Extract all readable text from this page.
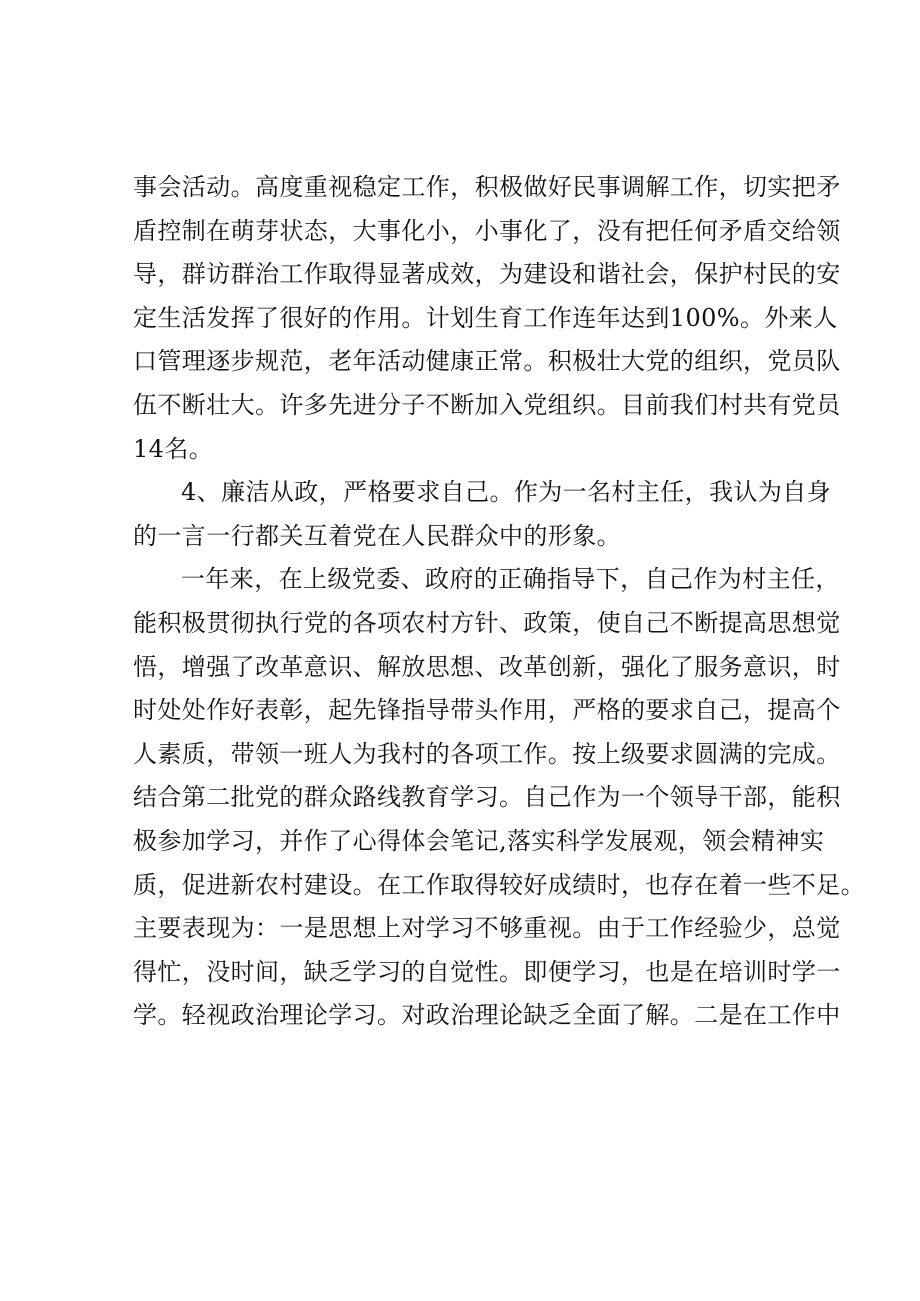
事会活动。高度重视稳定工作，积极做好民事调解工作，切实把矛
盾控制在萌芽状态，大事化小，小事化了，没有把任何矛盾交给领
导，群访群治工作取得显著成效，为建设和谐社会，保护村民的安
定生活发挥了很好的作用。计划生育工作连年达到100%。外来人
口管理逐步规范，老年活动健康正常。积极壮大党的组织，党员队
伍不断壮大。许多先进分子不断加入党组织。目前我们村共有党员
14名。
4、廉洁从政，严格要求自己。作为一名村主任，我认为自身
的一言一行都关互着党在人民群众中的形象。
一年来，在上级党委、政府的正确指导下，自己作为村主任，
能积极贯彻执行党的各项农村方针、政策，使自己不断提高思想觉
悟，增强了改革意识、解放思想、改革创新，强化了服务意识，时
时处处作好表彰，起先锋指导带头作用，严格的要求自己，提高个
人素质，带领一班人为我村的各项工作。按上级要求圆满的完成。
结合第二批党的群众路线教育学习。自己作为一个领导干部，能积
极参加学习，并作了心得体会笔记,落实科学发展观，领会精神实
质，促进新农村建设。在工作取得较好成绩时，也存在着一些不足。
主要表现为：一是思想上对学习不够重视。由于工作经验少，总觉
得忙，没时间，缺乏学习的自觉性。即便学习，也是在培训时学一
学。轻视政治理论学习。对政治理论缺乏全面了解。二是在工作中
